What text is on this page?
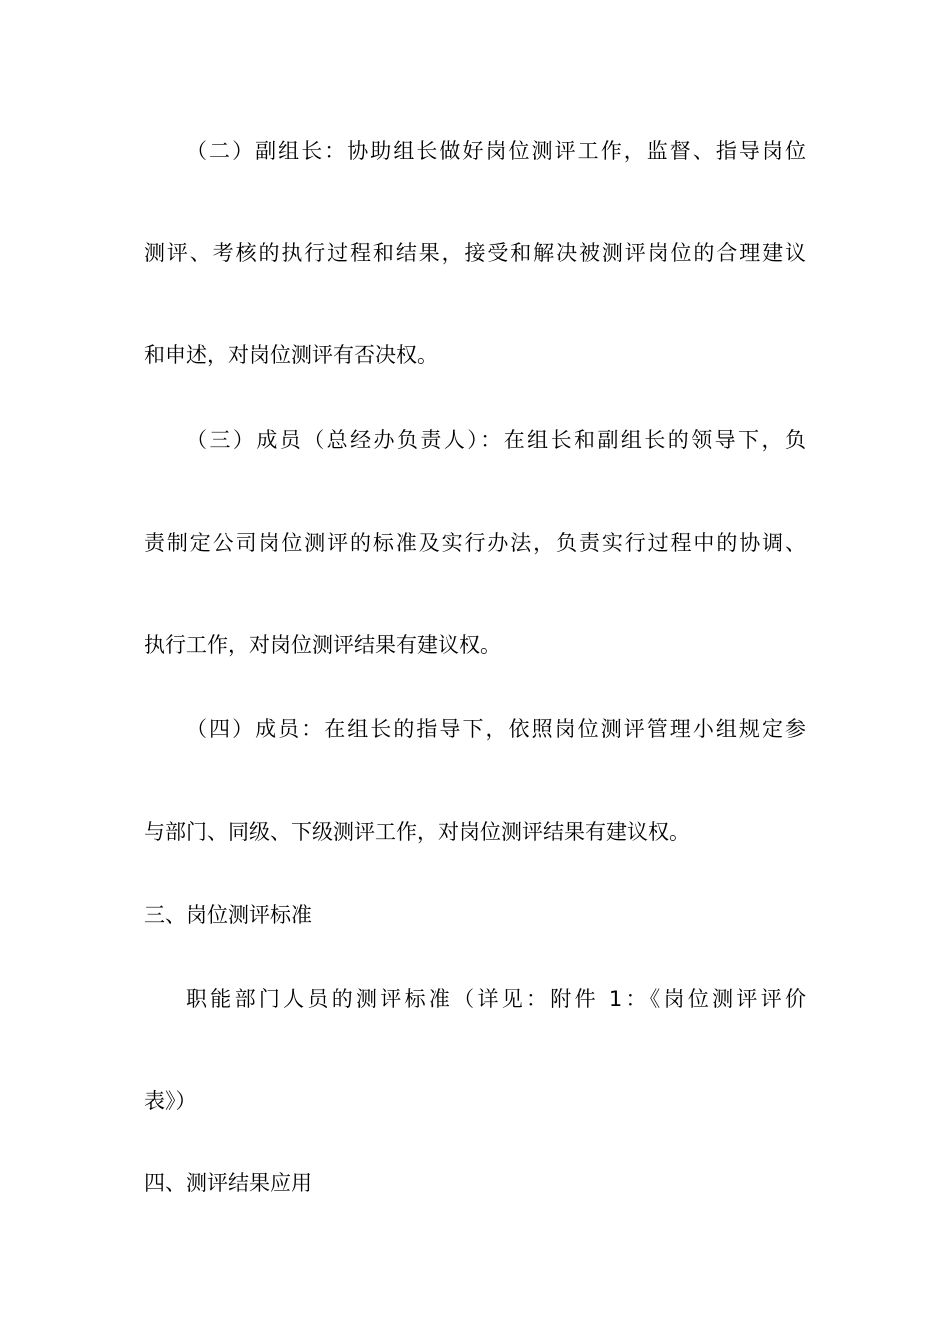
（二）副组长：协助组长做好岗位测评工作，监督、指导岗位

测评、考核的执行过程和结果，接受和解决被测评岗位的合理建议

和申述，对岗位测评有否决权。

（三）成员（总经办负责人）：在组长和副组长的领导下，负

责制定公司岗位测评的标准及实行办法，负责实行过程中的协调、

执行工作，对岗位测评结果有建议权。

（四）成员：在组长的指导下，依照岗位测评管理小组规定参

与部门、同级、下级测评工作，对岗位测评结果有建议权。

三、岗位测评标准

职能部门人员的测评标准（详见：附件 1：《岗位测评评价

表》）

四、测评结果应用
